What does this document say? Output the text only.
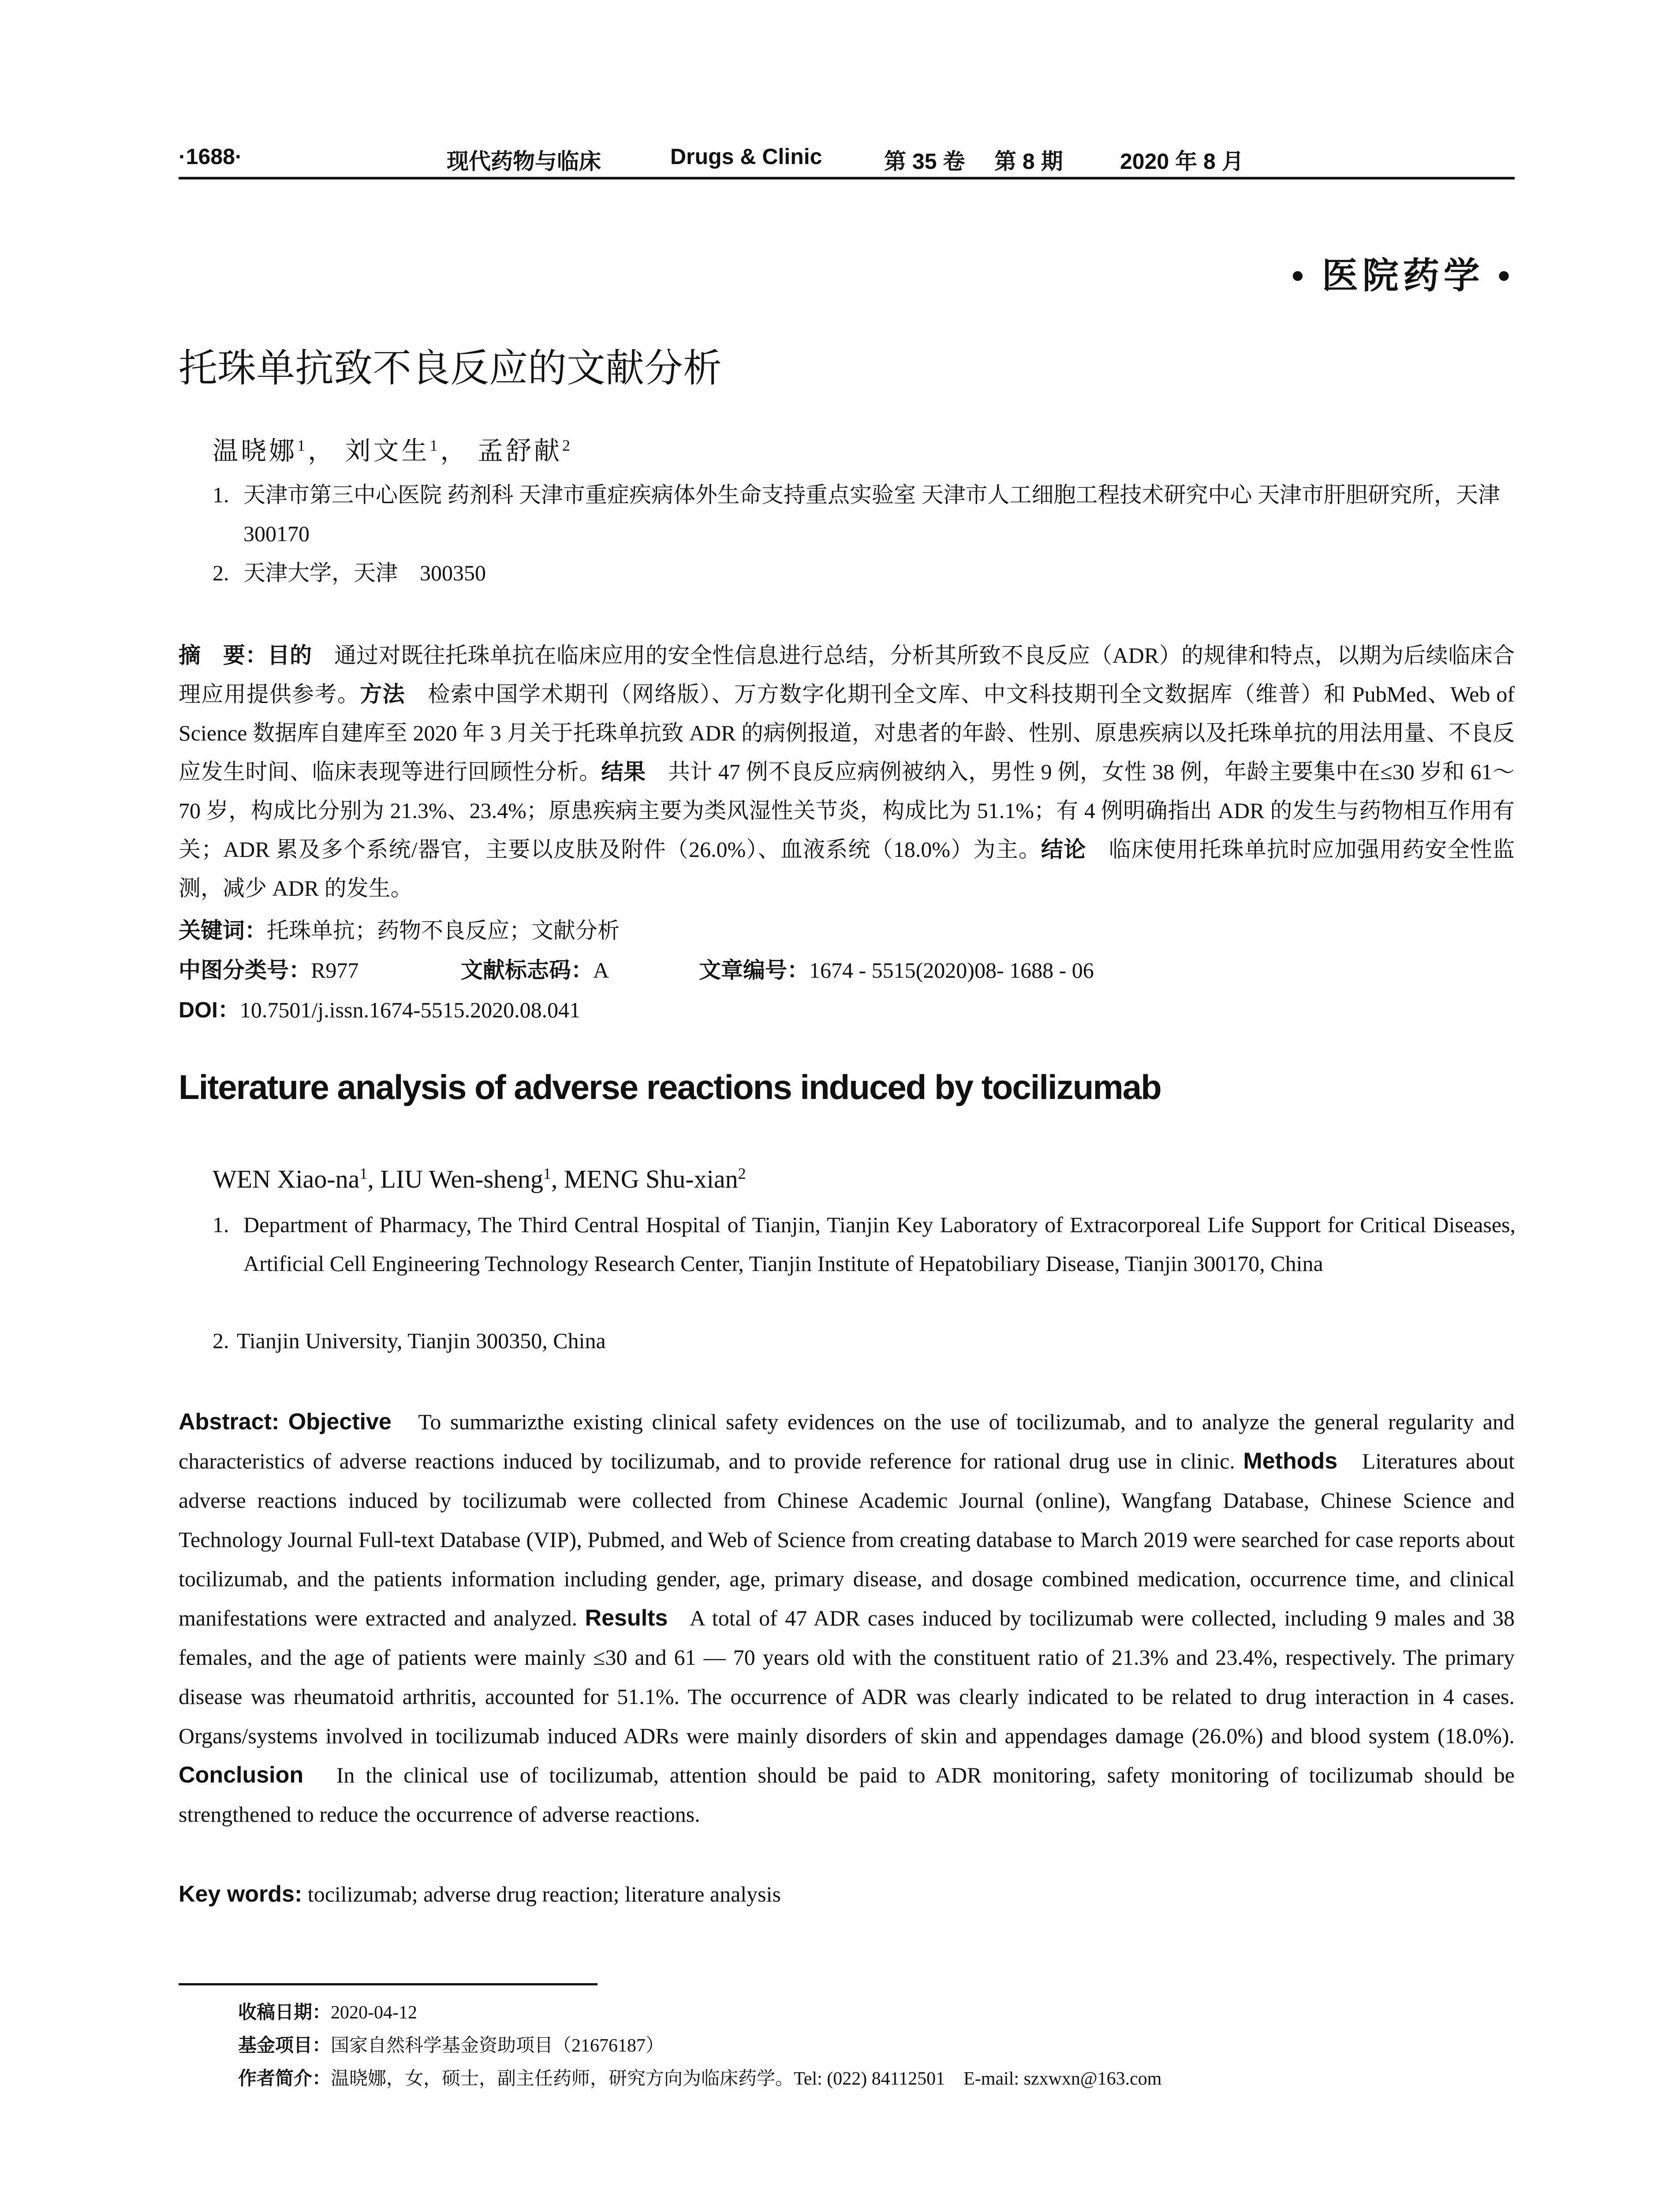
·1688·	现代药物与临床	Drugs & Clinic	第 35 卷 第 8 期	2020 年 8 月
• 医院药学 •
托珠单抗致不良反应的文献分析
温晓娜$^1$， 刘文生$^1$， 孟舒献$^2$
1. 天津市第三中心医院 药剂科 天津市重症疾病体外生命支持重点实验室 天津市人工细胞工程技术研究中心 天津市肝胆研究所，天津　300170
2. 天津大学，天津　300350
摘　要：目的　 通过对既往托珠单抗在临床应用的安全性信息进行总结，分析其所致不良反应（ADR）的规律和特点，以期为后续临床合理应用提供参考。方法　 检索中国学术期刊（网络版）、万方数字化期刊全文库、中文科技期刊全文数据库（维普）和 PubMed、Web of Science 数据库自建库至 2020 年 3 月关于托珠单抗致 ADR 的病例报道，对患者的年龄、性别、原患疾病以及托珠单抗的用法用量、不良反应发生时间、临床表现等进行回顾性分析。结果　 共计 47 例不良反应病例被纳入，男性 9 例，女性 38 例，年龄主要集中在≤30 岁和 61～70 岁，构成比分别为 21.3%、23.4%；原患疾病主要为类风湿性关节炎，构成比为 51.1%；有 4 例明确指出 ADR 的发生与药物相互作用有关；ADR 累及多个系统/器官，主要以皮肤及附件（26.0%）、血液系统（18.0%）为主。结论　 临床使用托珠单抗时应加强用药安全性监测，减少 ADR 的发生。
关键词：托珠单抗；药物不良反应；文献分析
中图分类号：R977	文献标志码：A	文章编号：1674 - 5515(2020)08- 1688 - 06
DOI：10.7501/j.issn.1674-5515.2020.08.041
Literature analysis of adverse reactions induced by tocilizumab
WEN Xiao-$na^1$, LIU Wen-sheng$^1$, MENG Shu-xian$^2$
1. Department of Pharmacy, The Third Central Hospital of Tianjin, Tianjin Key Laboratory of Extracorporeal Life Support for Critical Diseases, Artificial Cell Engineering Technology Research Center, Tianjin Institute of Hepatobiliary Disease, Tianjin 300170, China
2. Tianjin University, Tianjin 300350, China
Abstract: Objective To summarizthe existing clinical safety evidences on the use of tocilizumab, and to analyze the general regularity and characteristics of adverse reactions induced by tocilizumab, and to provide reference for rational drug use in clinic. Methods Literatures about adverse reactions induced by tocilizumab were collected from Chinese Academic Journal (online), Wangfang Database, Chinese Science and Technology Journal Full-text Database (VIP), Pubmed, and Web of Science from creating database to March 2019 were searched for case reports about tocilizumab, and the patients information including gender, age, primary disease, and dosage combined medication, occurrence time, and clinical manifestations were extracted and analyzed. Results A total of 47 ADR cases induced by tocilizumab were collected, including 9 males and 38 females, and the age of patients were mainly ≤30 and 61 — 70 years old with the constituent ratio of 21.3% and 23.4%, respectively. The primary disease was rheumatoid arthritis, accounted for 51.1%. The occurrence of ADR was clearly indicated to be related to drug interaction in 4 cases. Organs/systems involved in tocilizumab induced ADRs were mainly disorders of skin and appendages damage (26.0%) and blood system (18.0%). Conclusion In the clinical use of tocilizumab, attention should be paid to ADR monitoring, safety monitoring of tocilizumab should be strengthened to reduce the occurrence of adverse reactions.
Key words: tocilizumab; adverse drug reaction; literature analysis
收稿日期：2020-04-12
基金项目：国家自然科学基金资助项目（21676187）
作者简介：温晓娜，女，硕士，副主任药师，研究方向为临床药学。Tel: (022) 84112501　E-mail: szxwxn@163.com
